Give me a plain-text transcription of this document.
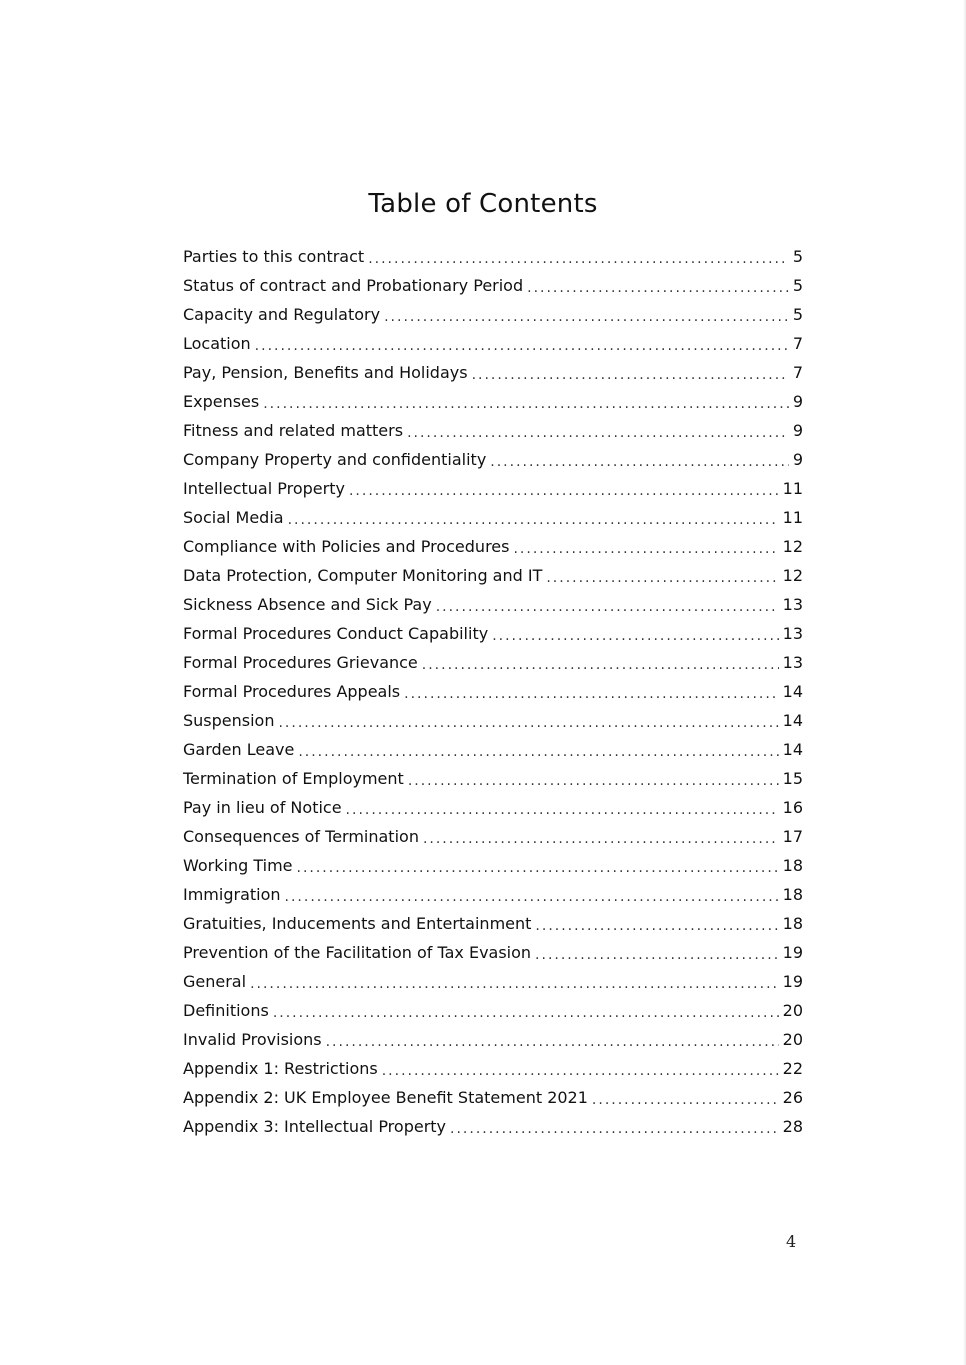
Table of Contents
Parties to this contract .....	5
Status of contract and Probationary Period .....	5
Capacity and Regulatory .....	5
Location .....	7
Pay, Pension, Benefits and Holidays .....	7
Expenses .....	9
Fitness and related matters .....	9
Company Property and confidentiality .....	9
Intellectual Property .....	11
Social Media .....	11
Compliance with Policies and Procedures .....	12
Data Protection, Computer Monitoring and IT .....	12
Sickness Absence and Sick Pay .....	13
Formal Procedures Conduct Capability .....	13
Formal Procedures Grievance .....	13
Formal Procedures Appeals .....	14
Suspension .....	14
Garden Leave .....	14
Termination of Employment .....	15
Pay in lieu of Notice .....	16
Consequences of Termination .....	17
Working Time .....	18
Immigration .....	18
Gratuities, Inducements and Entertainment .....	18
Prevention of the Facilitation of Tax Evasion .....	19
General .....	19
Definitions .....	20
Invalid Provisions .....	20
Appendix 1: Restrictions .....	22
Appendix 2: UK Employee Benefit Statement 2021 .....	26
Appendix 3: Intellectual Property .....	28
4
